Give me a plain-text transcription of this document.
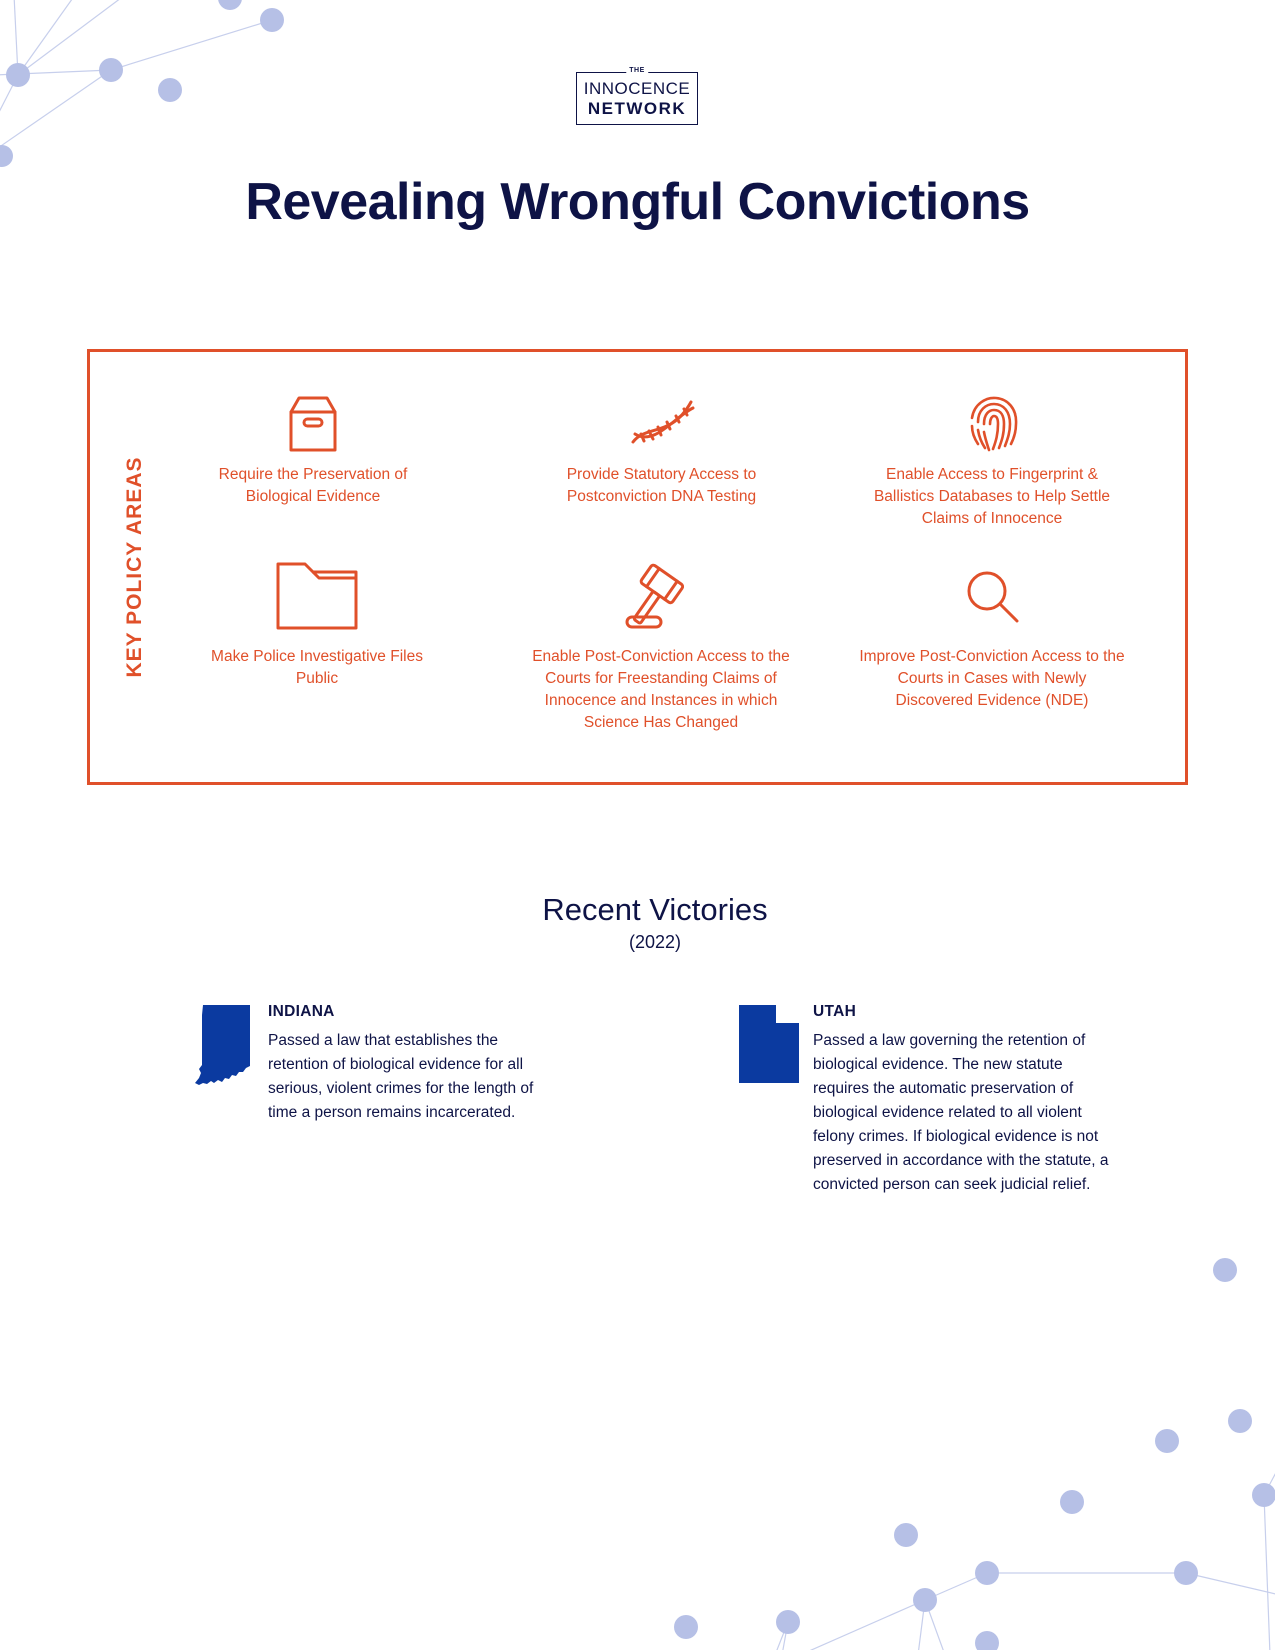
THE
INNOCENCE
NETWORK
Revealing Wrongful Convictions
KEY POLICY AREAS	Require the Preservation of Biological Evidence
Provide Statutory Access to Postconviction DNA Testing
Enable Access to Fingerprint & Ballistics Databases to Help Settle Claims of Innocence
Make Police Investigative Files Public
Enable Post-Conviction Access to the Courts for Freestanding Claims of Innocence and Instances in which Science Has Changed
Improve Post-Conviction Access to the Courts in Cases with Newly Discovered Evidence (NDE)
Recent Victories
(2022)
INDIANA

Passed a law that establishes the retention of biological evidence for all serious, violent crimes for the length of time a person remains incarcerated.

UTAH

Passed a law governing the retention of biological evidence. The new statute requires the automatic preservation of biological evidence related to all violent felony crimes. If biological evidence is not preserved in accordance with the statute, a convicted person can seek judicial relief.
